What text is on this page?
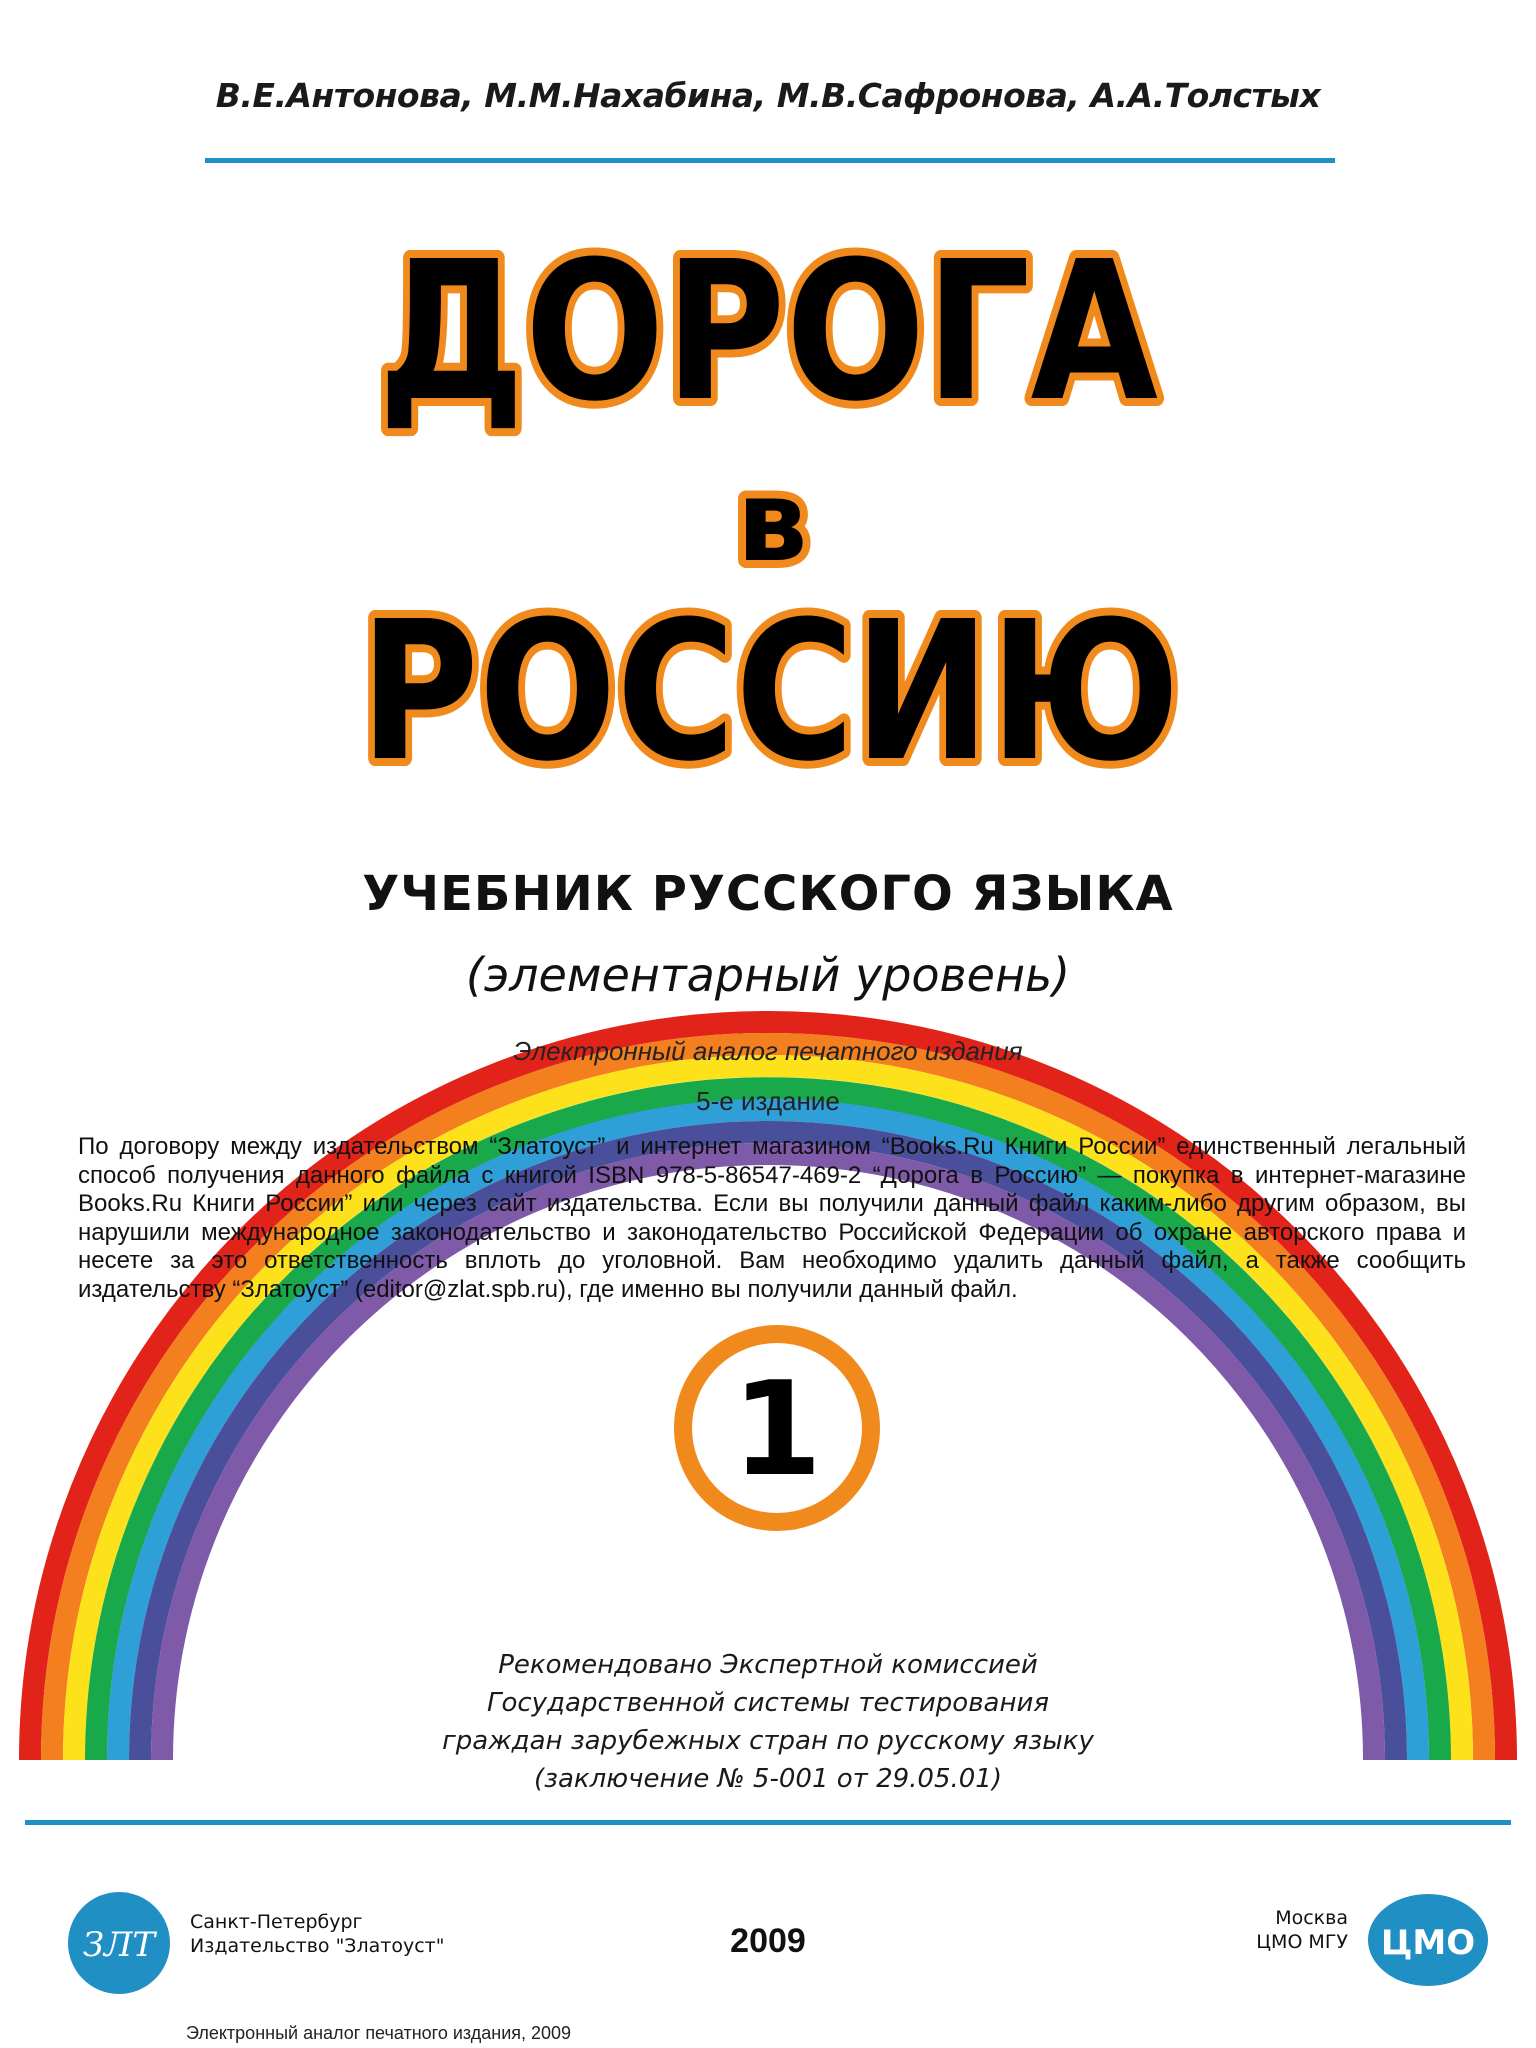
В.Е.Антонова, М.М.Нахабина, М.В.Сафронова, А.А.Толстых
1
ДОРОГА
в
РОССИЮ
УЧЕБНИК РУССКОГО ЯЗЫКА
(элементарный уровень)
Электронный аналог печатного издания
5-е издание
По договору между издательством “Златоуст” и интернет магазином “Books.Ru Книги России” единственный легальный способ получения данного файла с книгой ISBN 978-5-86547-469-2 “Дорога в Россию” — покупка в интернет-магазине Books.Ru Книги России” или через сайт издательства. Если вы получили данный файл каким-либо другим образом, вы нарушили международное законодательство и законодательство Российской Федерации об охране авторского права и несете за это ответственность вплоть до уголовной. Вам необходимо удалить данный файл, а также сообщить издательству “Златоуст” (editor@zlat.spb.ru), где именно вы получили данный файл.
Рекомендовано Экспертной комиссией
Государственной системы тестирования
граждан зарубежных стран по русскому языку
(заключение № 5-001 от 29.05.01)
ЗЛТ
Санкт-Петербург
Издательство "Златоуст"	2009
Москва
ЦМО МГУ ЦМО
Электронный аналог печатного издания, 2009
